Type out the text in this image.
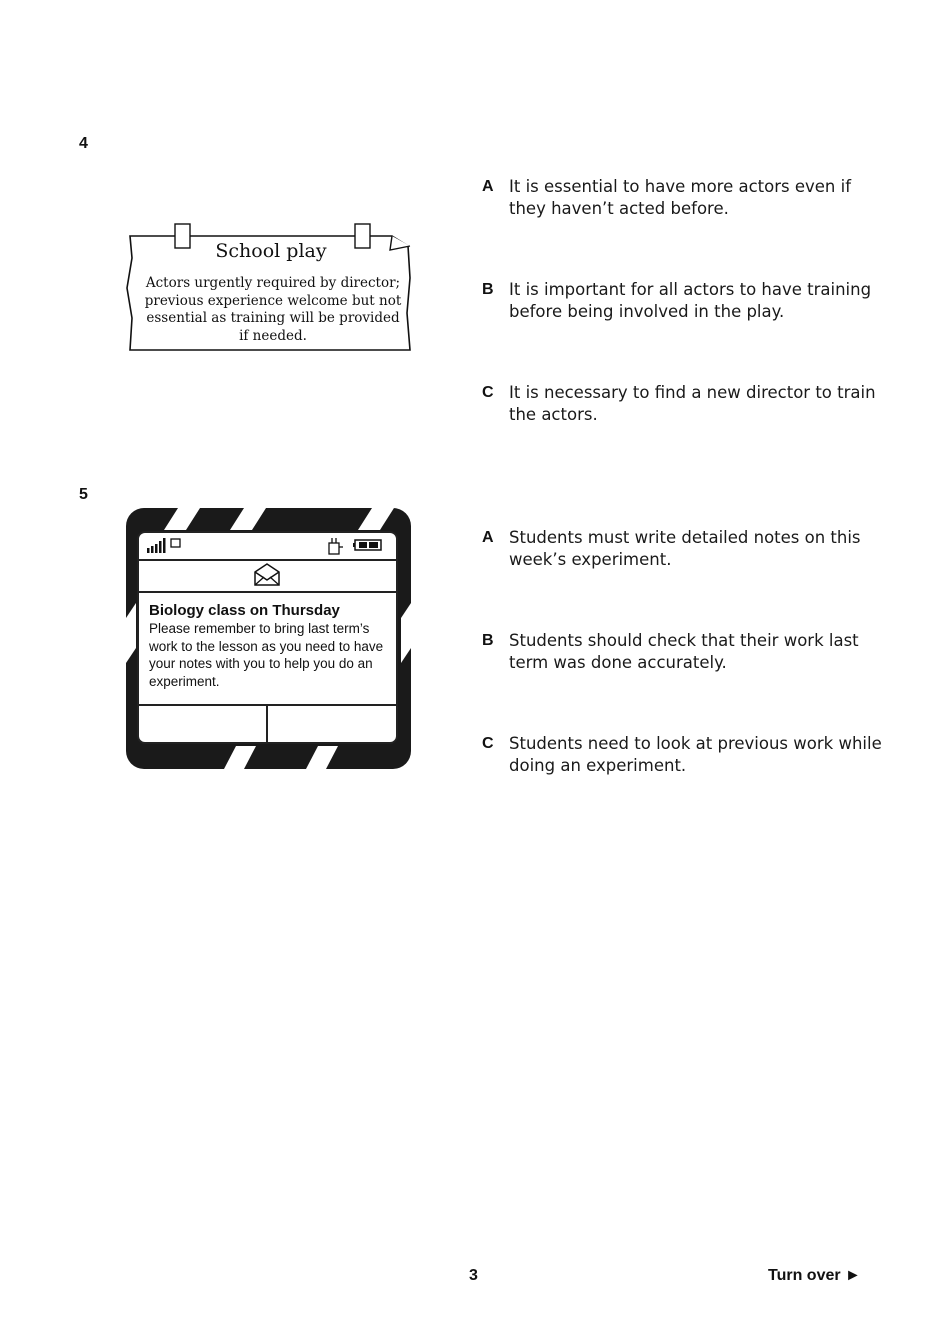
4
School play
Actors urgently required by director; previous experience welcome but not essential as training will be provided if needed.
A It is essential to have more actors even if they haven’t acted before.
B It is important for all actors to have training before being involved in the play.
C It is necessary to find a new director to train the actors.
5
Biology class on Thursday
Please remember to bring last term’s work to the lesson as you need to have your notes with you to help you do an experiment.
A Students must write detailed notes on this week’s experiment.
B Students should check that their work last term was done accurately.
C Students need to look at previous work while doing an experiment.
3	Turn over ►
